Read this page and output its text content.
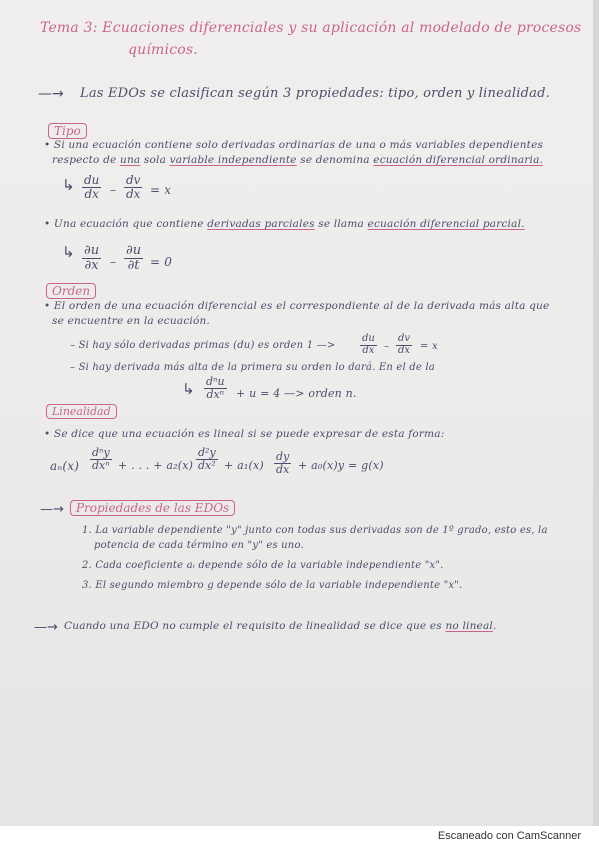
Tema 3: Ecuaciones diferenciales y su aplicación al modelado de procesos
químicos.
—→ Las EDOs se clasifican según 3 propiedades: tipo, orden y linealidad.
Tipo
• Si una ecuación contiene solo derivadas ordinarias de una o más variables dependientes
respecto de una sola variable independiente se denomina ecuación diferencial ordinaria.
↳ $\frac{du}{dx} - \frac{dv}{dx} = x$
• Una ecuación que contiene derivadas parciales se llama ecuación diferencial parcial.
↳ $\frac{\partial u}{\partial x} - \frac{\partial u}{\partial t} = 0$
Orden
• El orden de una ecuación diferencial es el correspondiente al de la derivada más alta que
se encuentre en la ecuación.
– Si hay sólo derivadas primas (du) es orden 1 —> $\frac{du}{dx} - \frac{dv}{dx} = x$
– Si hay derivada más alta de la primera su orden lo dará. En el de la
↳ dⁿu
dxⁿ + u = 4 —> orden n.
Linealidad
• Se dice que una ecuación es lineal si se puede expresar de esta forma:
aₙ(x)
dⁿy
dxⁿ + . . . + $a_2(x) \frac{\text{d²y}}{\text{dx²}} + a_1(x) \frac{dy}{dx} + a_0(x)y = g(x)$
—→	Propiedades de las EDOs
1. La variable dependiente "y" junto con todas sus derivadas son de 1º grado, esto es, la
potencia de cada término en "y" es uno.
2. Cada coeficiente aᵢ depende sólo de la variable independiente "x".
3. El segundo miembro g depende sólo de la variable independiente "x".
—→ Cuando una EDO no cumple el requisito de linealidad se dice que es no lineal.
Escaneado con CamScanner
